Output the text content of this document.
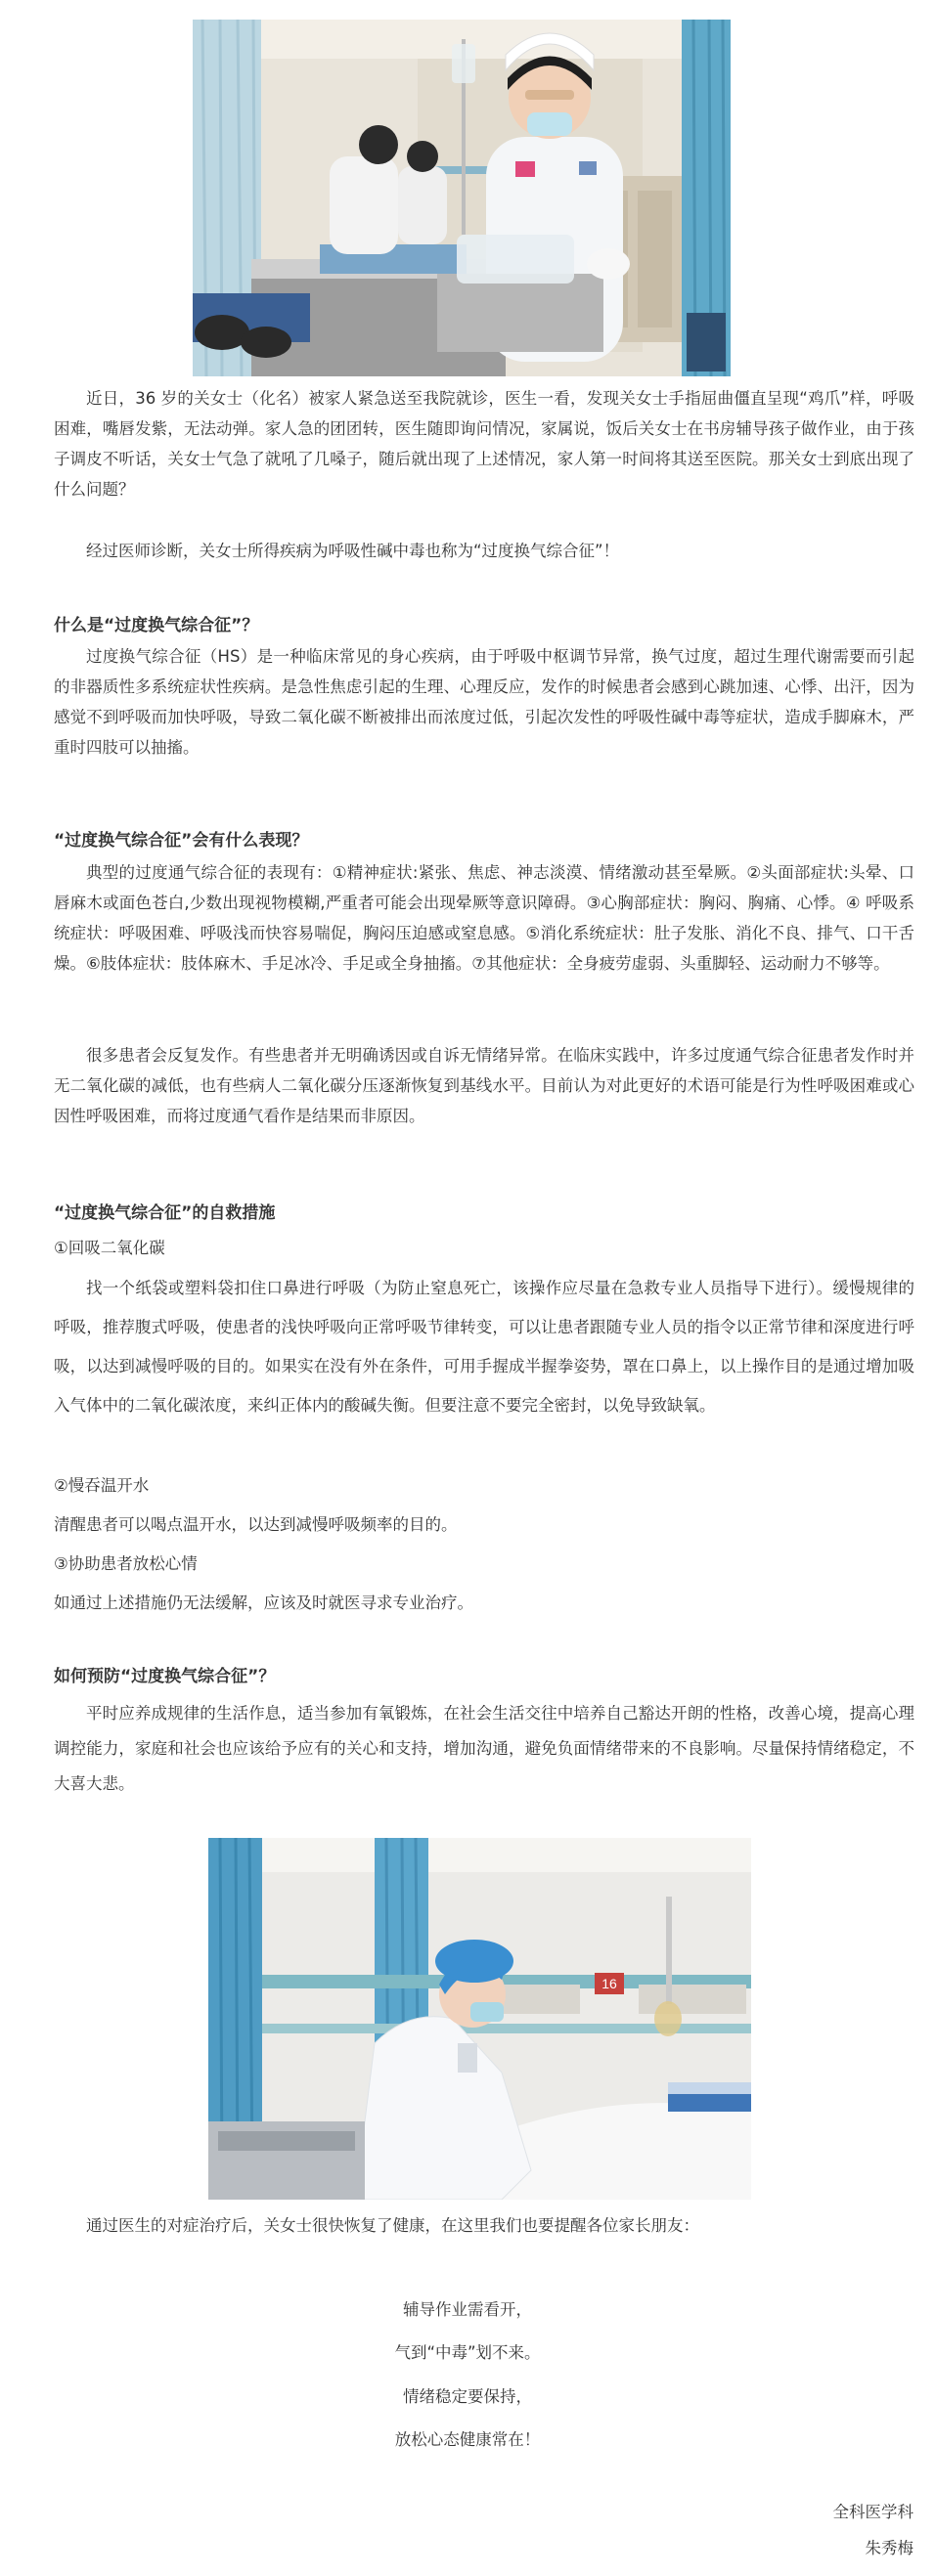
近日，36 岁的关女士（化名）被家人紧急送至我院就诊，医生一看，发现关女士手指屈曲僵直呈现“鸡爪”样，呼吸困难，嘴唇发紫，无法动弹。家人急的团团转，医生随即询问情况，家属说，饭后关女士在书房辅导孩子做作业，由于孩子调皮不听话，关女士气急了就吼了几嗓子，随后就出现了上述情况，家人第一时间将其送至医院。那关女士到底出现了什么问题？

经过医师诊断，关女士所得疾病为呼吸性碱中毒也称为“过度换气综合征”！

什么是“过度换气综合征”？

过度换气综合征（HS）是一种临床常见的身心疾病，由于呼吸中枢调节异常，换气过度，超过生理代谢需要而引起的非器质性多系统症状性疾病。是急性焦虑引起的生理、心理反应，发作的时候患者会感到心跳加速、心悸、出汗，因为感觉不到呼吸而加快呼吸，导致二氧化碳不断被排出而浓度过低，引起次发性的呼吸性碱中毒等症状，造成手脚麻木，严重时四肢可以抽搐。

“过度换气综合征”会有什么表现？

典型的过度通气综合征的表现有：①精神症状:紧张、焦虑、神志淡漠、情绪激动甚至晕厥。②头面部症状:头晕、口唇麻木或面色苍白,少数出现视物模糊,严重者可能会出现晕厥等意识障碍。③心胸部症状：胸闷、胸痛、心悸。④ 呼吸系统症状：呼吸困难、呼吸浅而快容易喘促，胸闷压迫感或窒息感。⑤消化系统症状：肚子发胀、消化不良、排气、口干舌燥。⑥肢体症状：肢体麻木、手足冰冷、手足或全身抽搐。⑦其他症状：全身疲劳虚弱、头重脚轻、运动耐力不够等。

很多患者会反复发作。有些患者并无明确诱因或自诉无情绪异常。在临床实践中，许多过度通气综合征患者发作时并无二氧化碳的减低，也有些病人二氧化碳分压逐渐恢复到基线水平。目前认为对此更好的术语可能是行为性呼吸困难或心因性呼吸困难，而将过度通气看作是结果而非原因。

“过度换气综合征”的自救措施

①回吸二氧化碳

找一个纸袋或塑料袋扣住口鼻进行呼吸（为防止窒息死亡，该操作应尽量在急救专业人员指导下进行）。缓慢规律的呼吸，推荐腹式呼吸，使患者的浅快呼吸向正常呼吸节律转变，可以让患者跟随专业人员的指令以正常节律和深度进行呼吸，以达到减慢呼吸的目的。如果实在没有外在条件，可用手握成半握拳姿势，罩在口鼻上，以上操作目的是通过增加吸入气体中的二氧化碳浓度，来纠正体内的酸碱失衡。但要注意不要完全密封，以免导致缺氧。

②慢吞温开水

清醒患者可以喝点温开水，以达到减慢呼吸频率的目的。

③协助患者放松心情

如通过上述措施仍无法缓解，应该及时就医寻求专业治疗。

如何预防“过度换气综合征”？

平时应养成规律的生活作息，适当参加有氧锻炼，在社会生活交往中培养自己豁达开朗的性格，改善心境，提高心理调控能力，家庭和社会也应该给予应有的关心和支持，增加沟通，避免负面情绪带来的不良影响。尽量保持情绪稳定，不大喜大悲。

16

通过医生的对症治疗后，关女士很快恢复了健康，在这里我们也要提醒各位家长朋友：

辅导作业需看开，

气到“中毒”划不来。

情绪稳定要保持，

放松心态健康常在！

全科医学科

朱秀梅
